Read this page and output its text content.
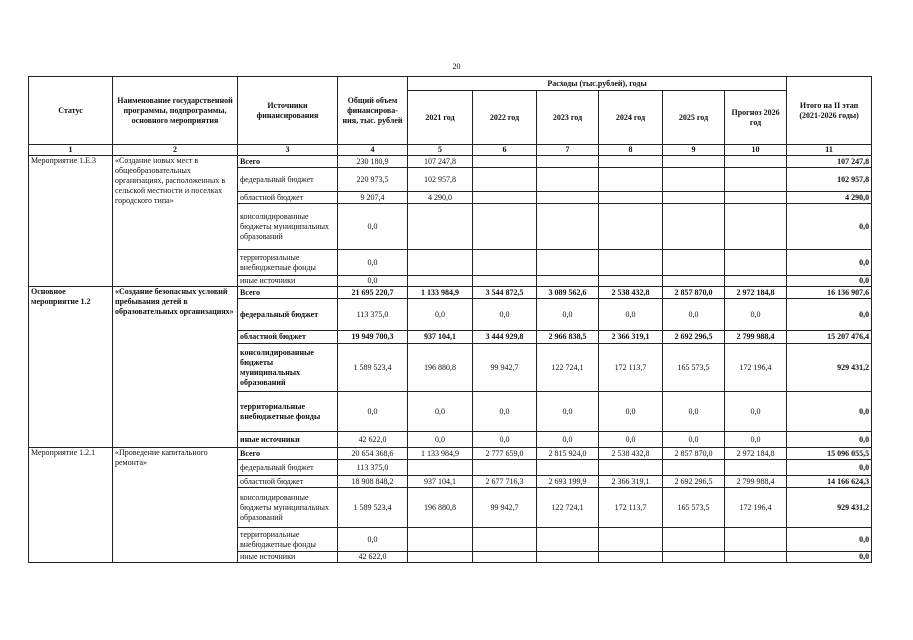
20
Статус	Наименование государственной программы, подпрограммы, основного мероприятия	Источники финансирования	Общий объем финансирова-ния, тыс. рублей	Расходы (тыс.рублей), годы						Итого на II этап (2021-2026 годы)
				2021 год	2022 год	2023 год	2024 год	2025 год	Прогноз 2026 год	
1	2	3	4	5	6	7	8	9	10	11
Мероприятие 1.Е.3	«Создание новых мест в общеобразовательных организациях, расположенных в сельской местности и поселках городского типа»	Всего	230 180,9	107 247,8						107 247,8
		федеральный бюджет	220 973,5	102 957,8						102 957,8
		областной бюджет	9 207,4	4 290,0						4 290,0
		консолидированные бюджеты муниципальных образований	0,0							0,0
		территориальные внебюджетные фонды	0,0							0,0
		иные источники	0,0							0,0
Основное мероприятие 1.2	«Создание безопасных условий пребывания детей в образовательных организациях»	Всего	21 695 220,7	1 133 984,9	3 544 872,5	3 089 562,6	2 538 432,8	2 857 870,0	2 972 184,8	16 136 907,6
		федеральный бюджет	113 375,0	0,0	0,0	0,0	0,0	0,0	0,0	0,0
		областной бюджет	19 949 700,3	937 104,1	3 444 929,8	2 966 838,5	2 366 319,1	2 692 296,5	2 799 988,4	15 207 476,4
		консолидированные бюджеты муниципальных образований	1 589 523,4	196 880,8	99 942,7	122 724,1	172 113,7	165 573,5	172 196,4	929 431,2
		территориальные внебюджетные фонды	0,0	0,0	0,0	0,0	0,0	0,0	0,0	0,0
		иные источники	42 622,0	0,0	0,0	0,0	0,0	0,0	0,0	0,0
Мероприятие 1.2.1	«Проведение капитального ремонта»	Всего	20 654 368,6	1 133 984,9	2 777 659,0	2 815 924,0	2 538 432,8	2 857 870,0	2 972 184,8	15 096 055,5
		федеральный бюджет	113 375,0							0,0
		областной бюджет	18 908 848,2	937 104,1	2 677 716,3	2 693 199,9	2 366 319,1	2 692 296,5	2 799 988,4	14 166 624,3
		консолидированные бюджеты муниципальных образований	1 589 523,4	196 880,8	99 942,7	122 724,1	172 113,7	165 573,5	172 196,4	929 431,2
		территориальные внебюджетные фонды	0,0							0,0
		иные источники	42 622,0							0,0
